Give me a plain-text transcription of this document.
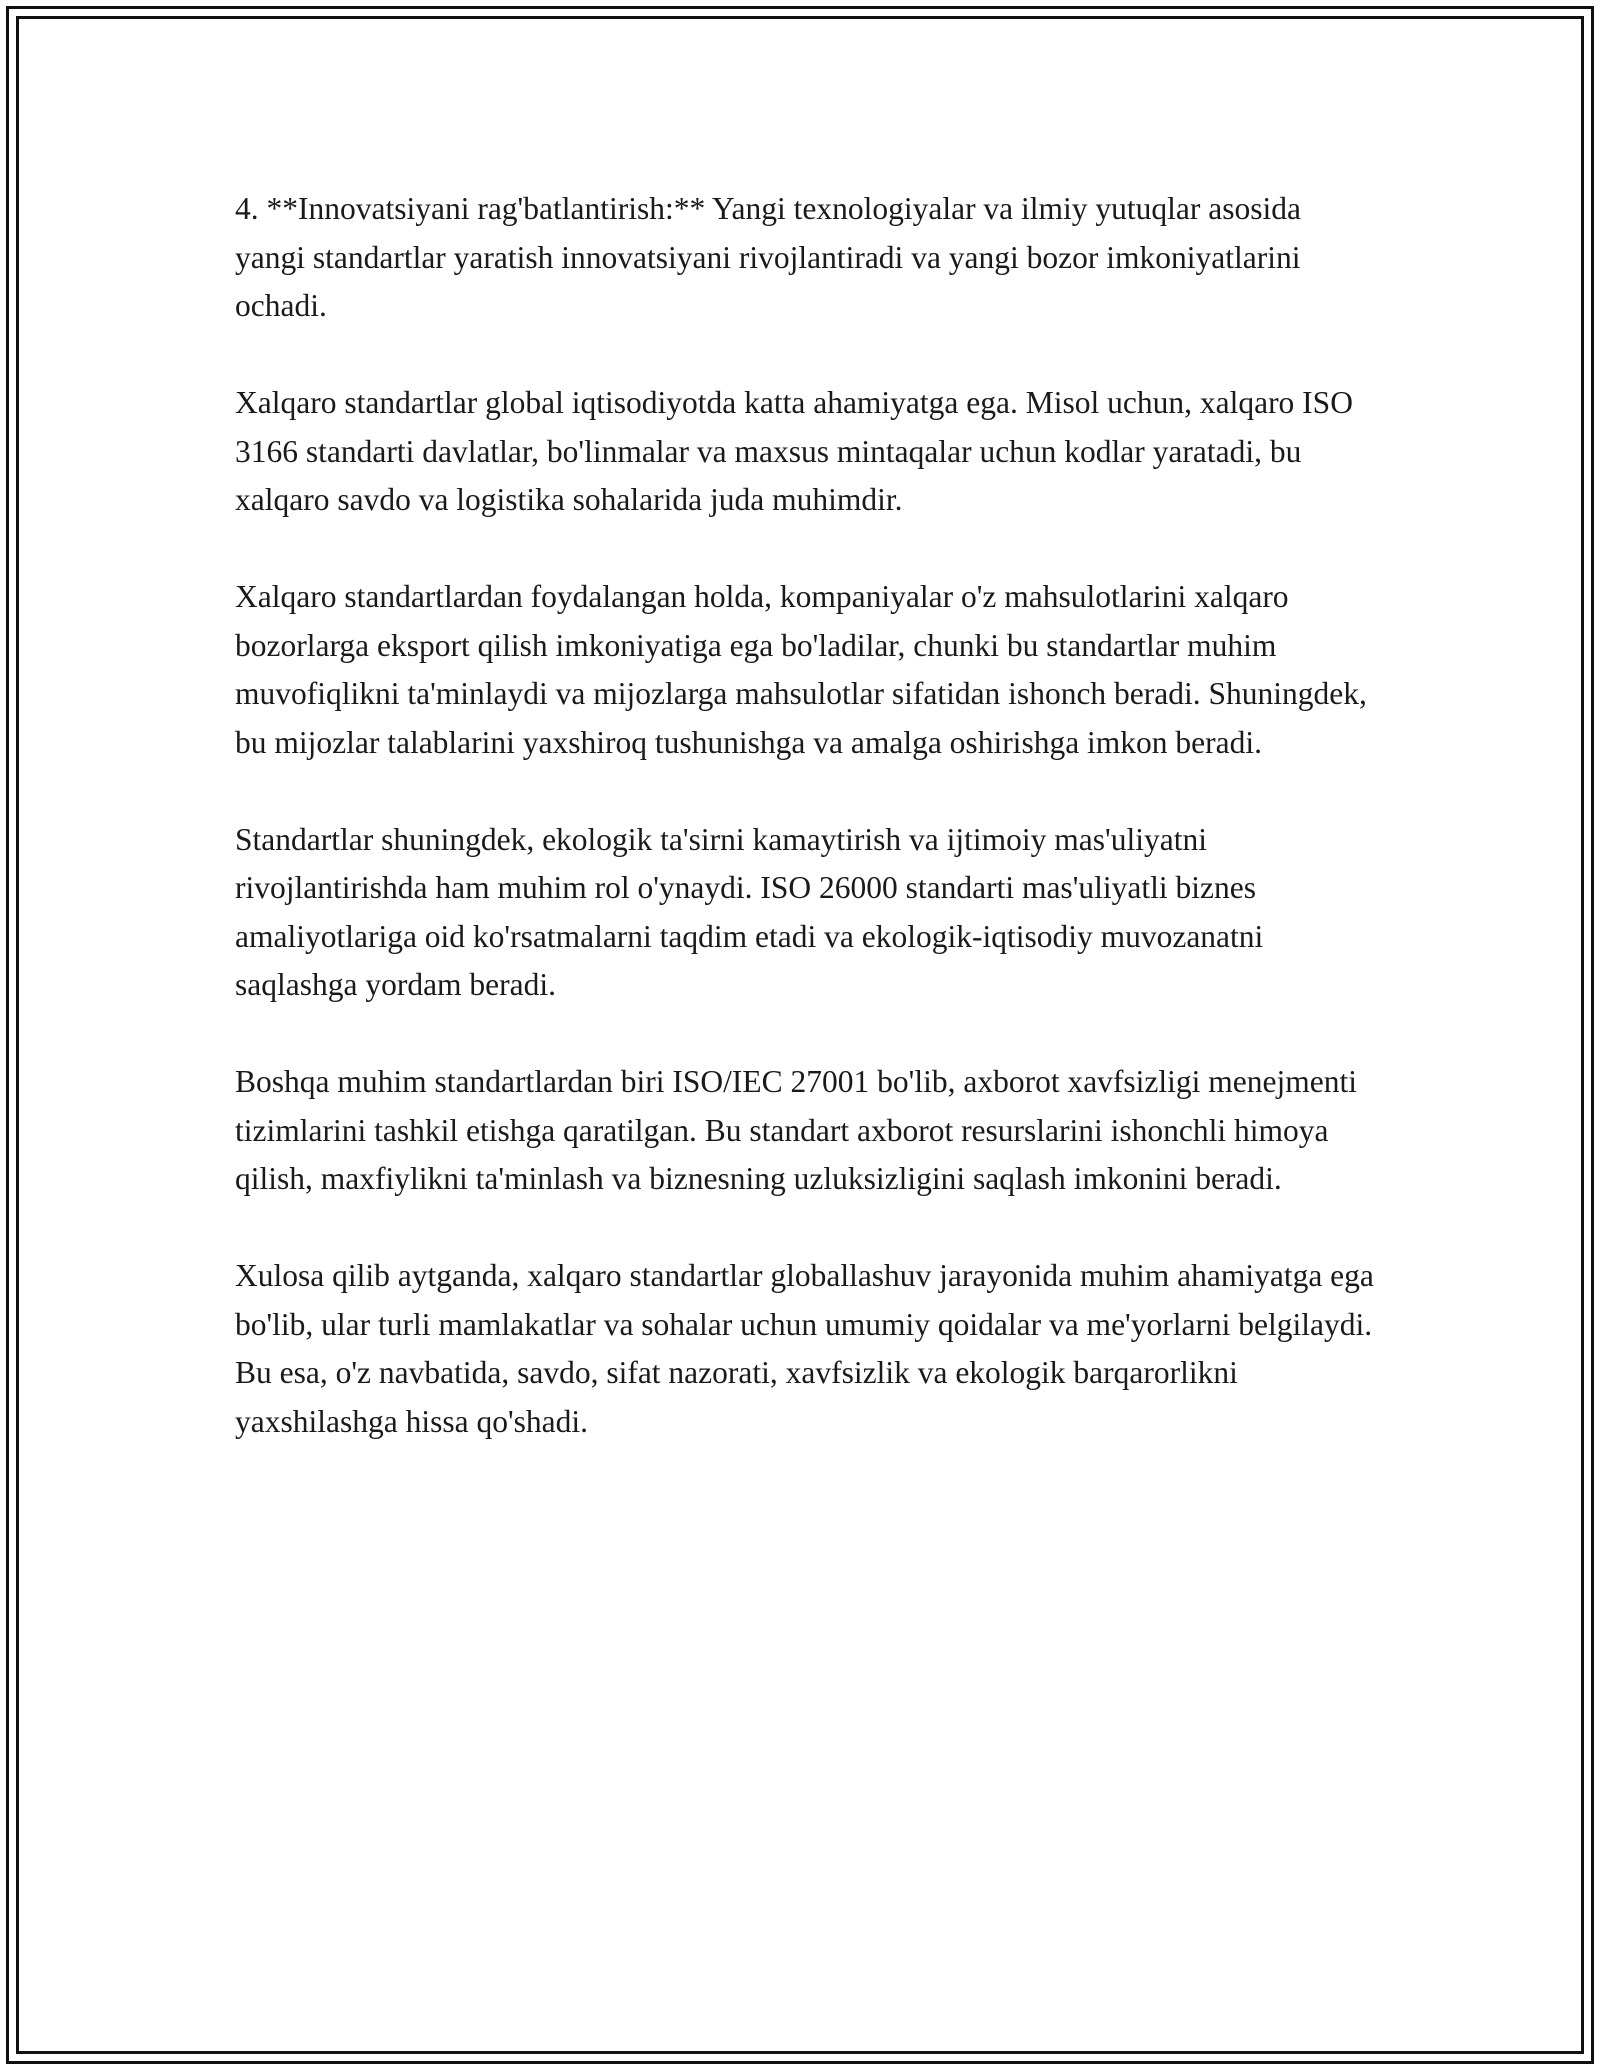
4. **Innovatsiyani rag'batlantirish:** Yangi texnologiyalar va ilmiy yutuqlar asosida yangi standartlar yaratish innovatsiyani rivojlantiradi va yangi bozor imkoniyatlarini ochadi.

Xalqaro standartlar global iqtisodiyotda katta ahamiyatga ega. Misol uchun, xalqaro ISO 3166 standarti davlatlar, bo'linmalar va maxsus mintaqalar uchun kodlar yaratadi, bu xalqaro savdo va logistika sohalarida juda muhimdir.

Xalqaro standartlardan foydalangan holda, kompaniyalar o'z mahsulotlarini xalqaro bozorlarga eksport qilish imkoniyatiga ega bo'ladilar, chunki bu standartlar muhim muvofiqlikni ta'minlaydi va mijozlarga mahsulotlar sifatidan ishonch beradi. Shuningdek, bu mijozlar talablarini yaxshiroq tushunishga va amalga oshirishga imkon beradi.

Standartlar shuningdek, ekologik ta'sirni kamaytirish va ijtimoiy mas'uliyatni rivojlantirishda ham muhim rol o'ynaydi. ISO 26000 standarti mas'uliyatli biznes amaliyotlariga oid ko'rsatmalarni taqdim etadi va ekologik-iqtisodiy muvozanatni saqlashga yordam beradi.

Boshqa muhim standartlardan biri ISO/IEC 27001 bo'lib, axborot xavfsizligi menejmenti tizimlarini tashkil etishga qaratilgan. Bu standart axborot resurslarini ishonchli himoya qilish, maxfiylikni ta'minlash va biznesning uzluksizligini saqlash imkonini beradi.

Xulosa qilib aytganda, xalqaro standartlar globallashuv jarayonida muhim ahamiyatga ega bo'lib, ular turli mamlakatlar va sohalar uchun umumiy qoidalar va me'yorlarni belgilaydi. Bu esa, o'z navbatida, savdo, sifat nazorati, xavfsizlik va ekologik barqarorlikni yaxshilashga hissa qo'shadi.
